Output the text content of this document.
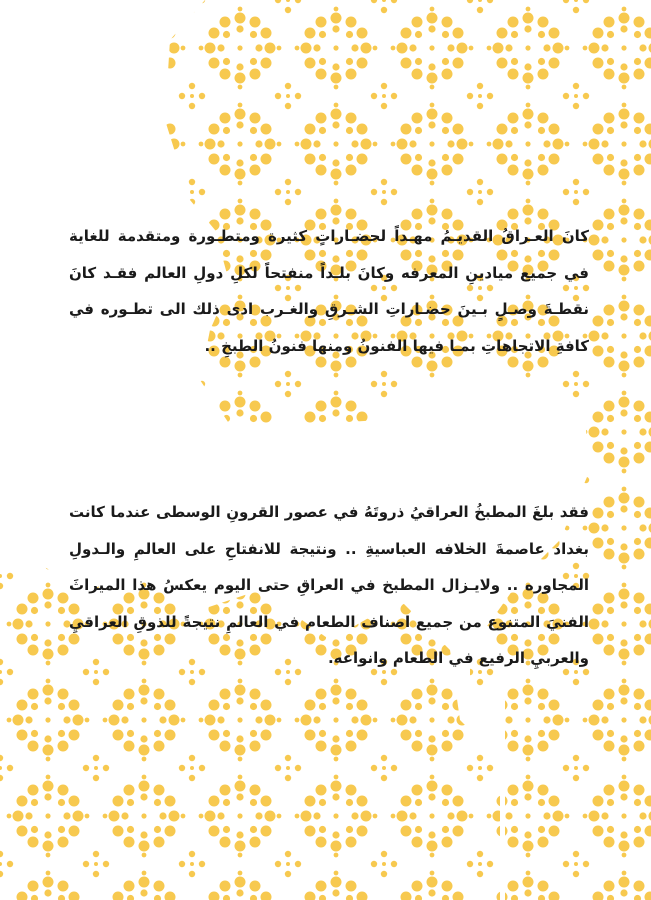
كانَ العـراقُ القديـمُ مهـداً لحضـاراتٍ كثيرة ومتطـورة ومتقدمة للغاية في جميع ميادينِ المعرفه وكانَ بلـداً منفتحاً لكلِ دولِ العالم فقـد كانَ نقطـةَ وصـلٍ بـينَ حضـاراتِ الشـرقِ والغـرب ادى ذلك الى تطـوره في كافةِ الاتجاهاتِ بمـا فيها الفنونُ ومنها فنونُ الطبخِ ..

فقد بلغَ المطبخُ العراقيُ ذروتَهُ في عصور القرونِ الوسطى عندما كانت بغداد عاصمةَ الخلافه العباسيةِ .. ونتيجة للانفتاحِ على العالمِ والـدولِ المجاوره .. ولايـزال المطبخ في العراقِ حتى اليوم يعكسُ هذا الميراثَ الفنيَ المتنوع من جميع اصناف الطعام في العالمِ نتيجةً للذوقِ العراقيِ والعربيِ الرفيع في الطعام وانواعه.
